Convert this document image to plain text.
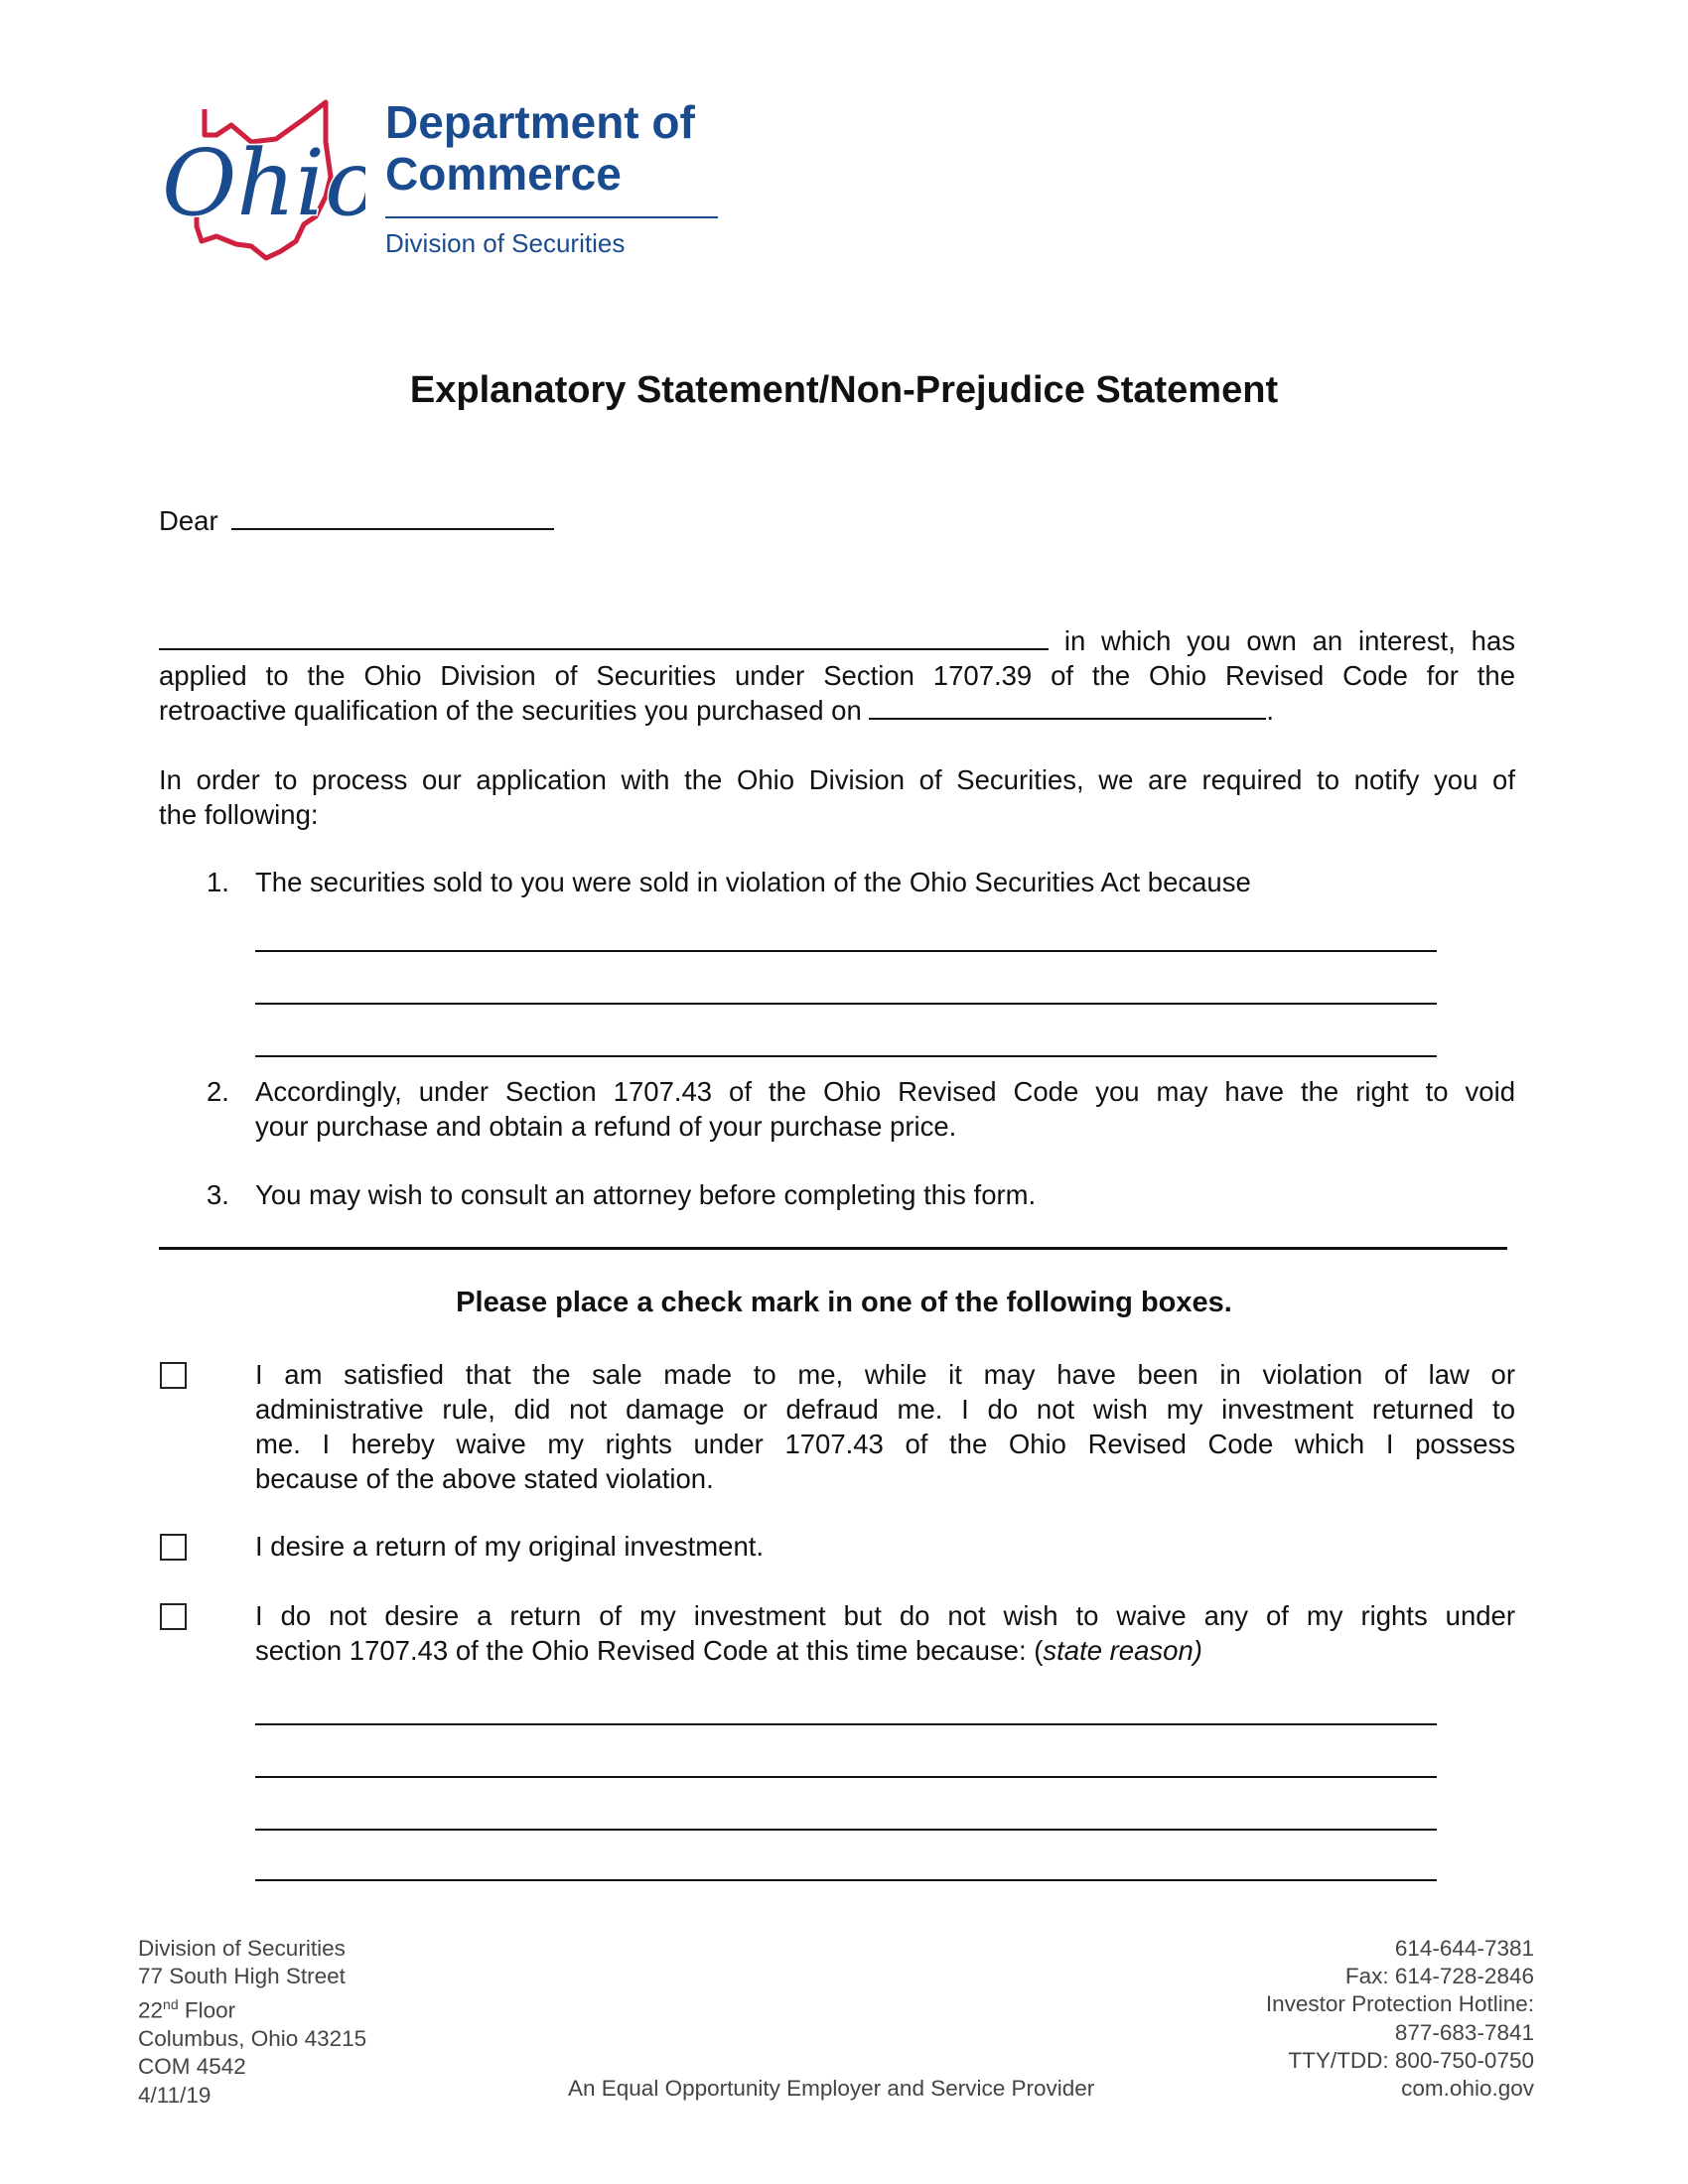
Ohio
Department of
Commerce
Division of Securities
Explanatory Statement/Non-Prejudice Statement
Dear
in which you own an interest, has
applied to the Ohio Division of Securities under Section 1707.39 of the Ohio Revised Code for the
retroactive qualification of the securities you purchased on	.
In order to process our application with the Ohio Division of Securities, we are required to notify you of
the following:
1. The securities sold to you were sold in violation of the Ohio Securities Act because
2. Accordingly, under Section 1707.43 of the Ohio Revised Code you may have the right to void
your purchase and obtain a refund of your purchase price.
3. You may wish to consult an attorney before completing this form.
Please place a check mark in one of the following boxes.
I am satisfied that the sale made to me, while it may have been in violation of law or
administrative rule, did not damage or defraud me. I do not wish my investment returned to
me. I hereby waive my rights under 1707.43 of the Ohio Revised Code which I possess
because of the above stated violation.
I desire a return of my original investment.
I do not desire a return of my investment but do not wish to waive any of my rights under
section 1707.43 of the Ohio Revised Code at this time because: (state reason)
Division of Securities
77 South High Street
22nd Floor
Columbus, Ohio 43215
COM 4542
4/11/19	An Equal Opportunity Employer and Service Provider
614-644-7381
Fax: 614-728-2846
Investor Protection Hotline:
877-683-7841
TTY/TDD: 800-750-0750
com.ohio.gov
